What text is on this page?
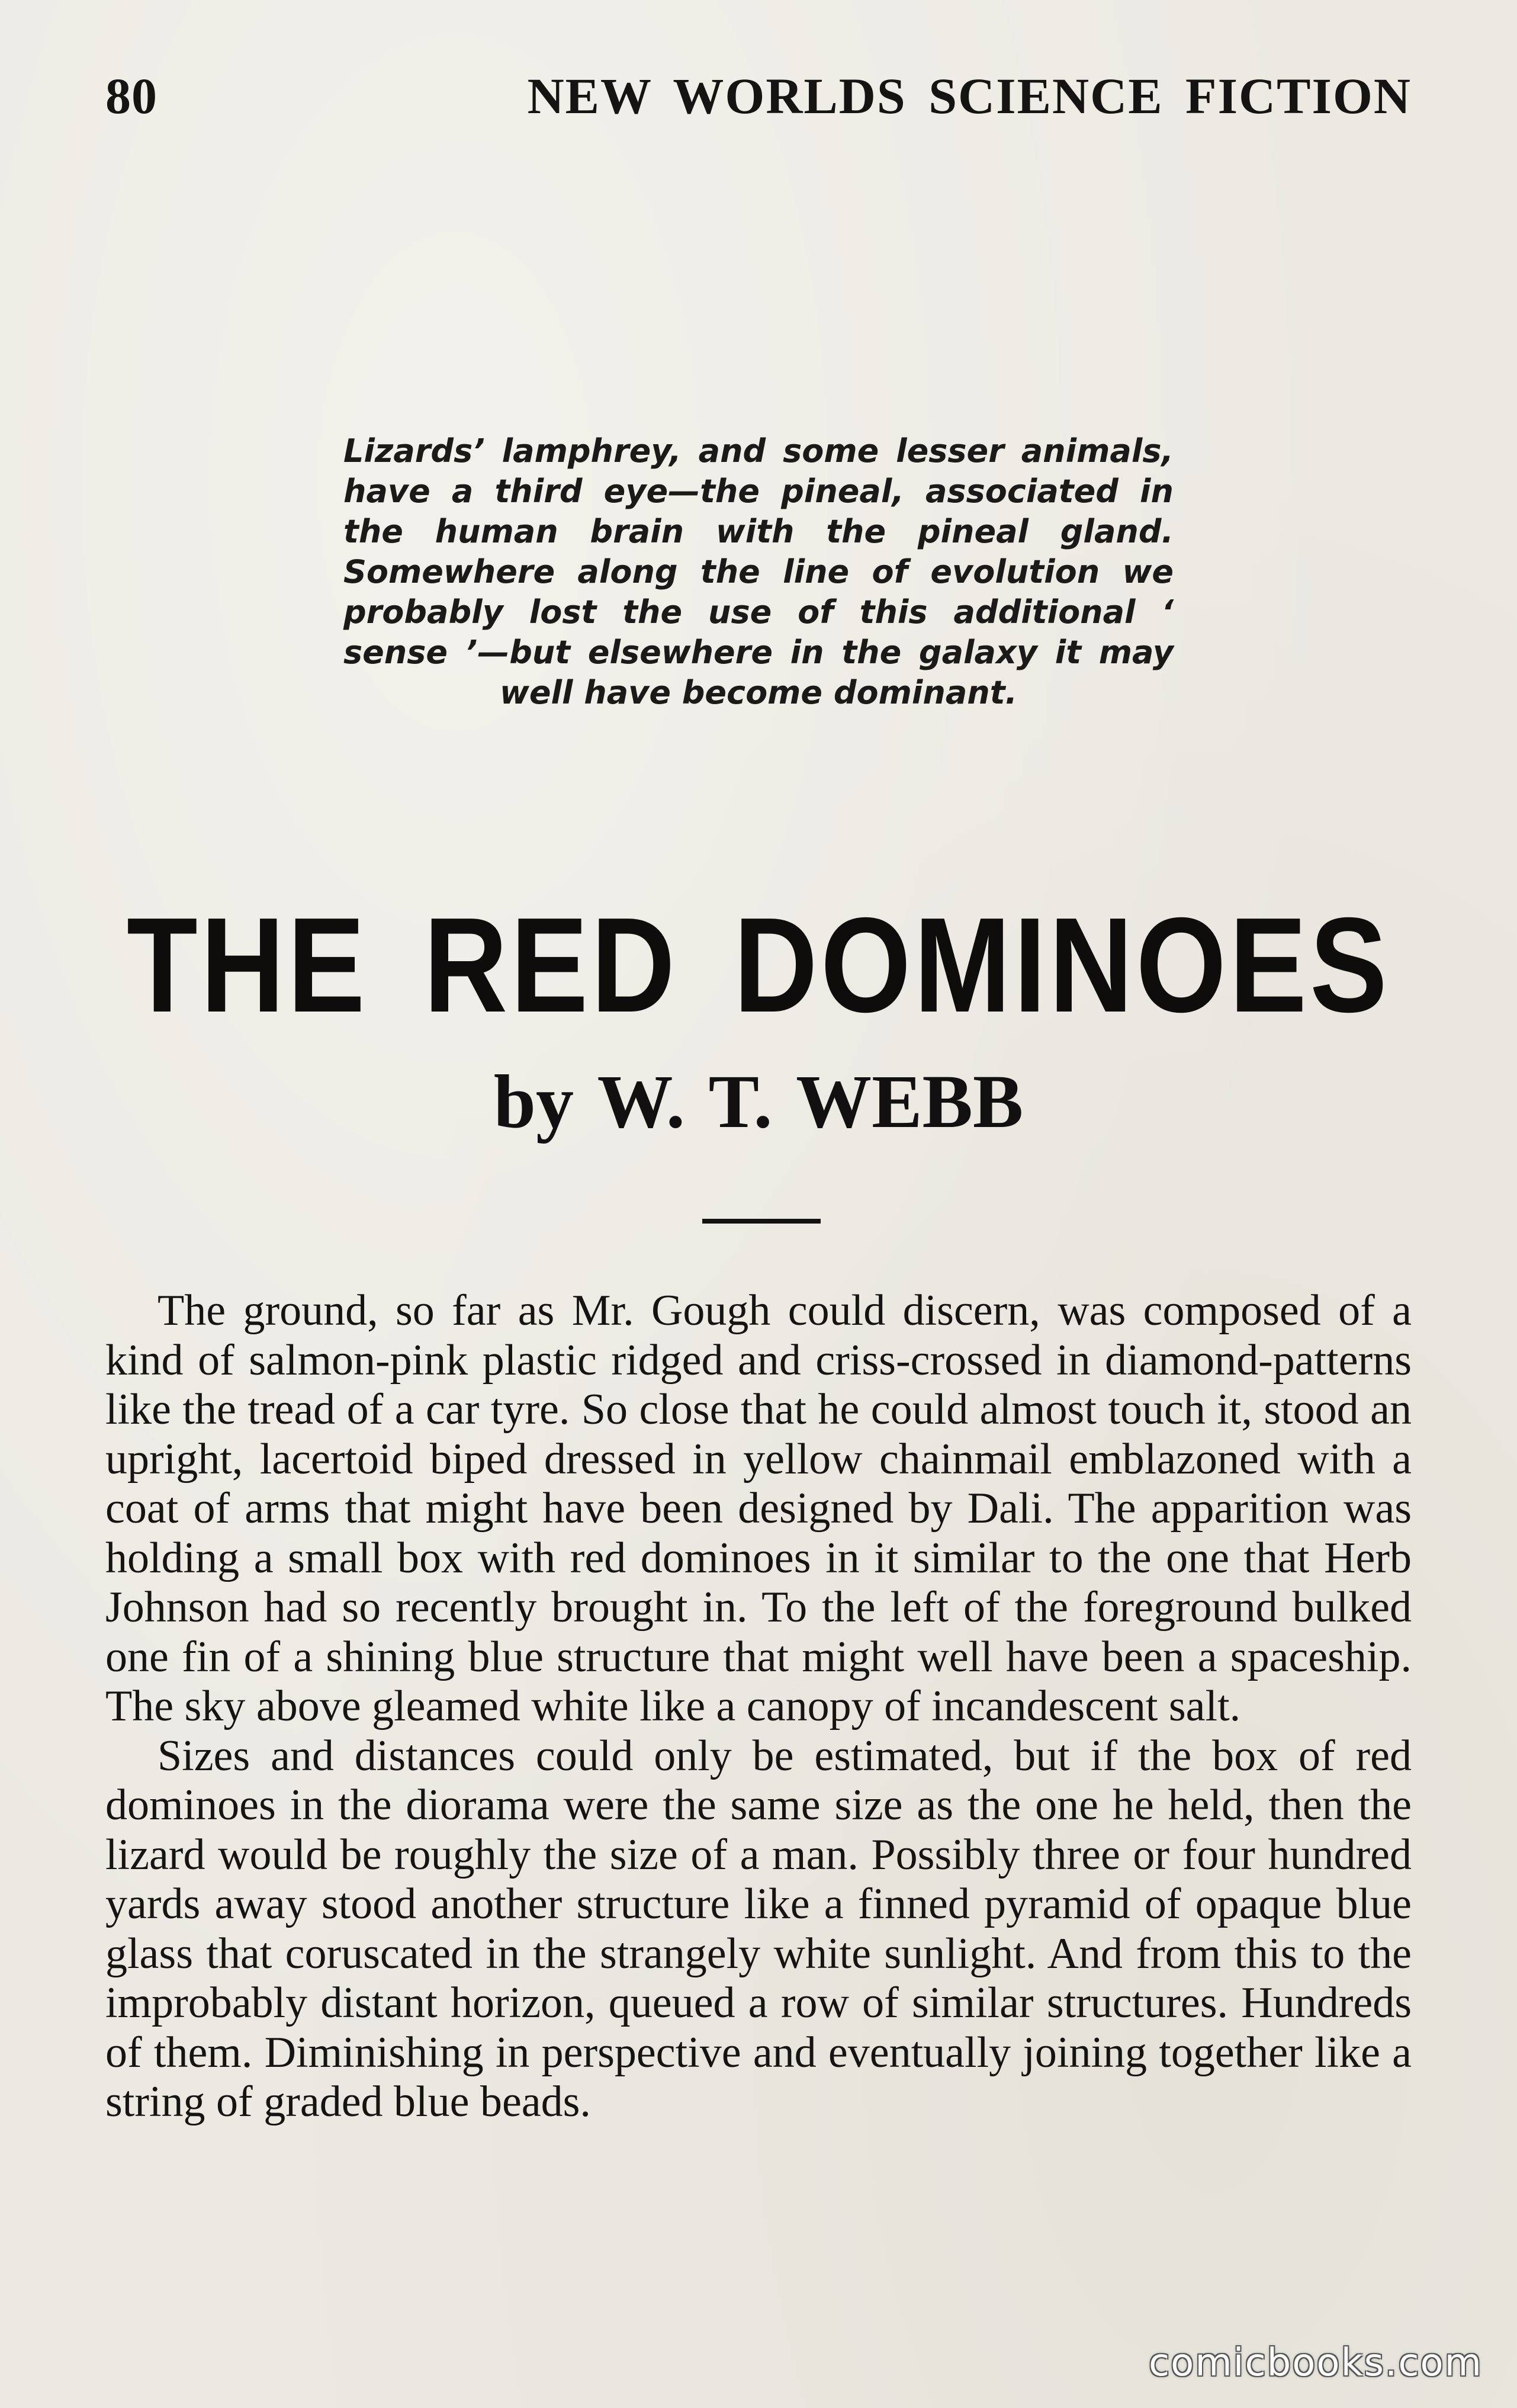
80	NEW WORLDS SCIENCE FICTION

Lizards’ lamphrey, and some lesser animals, have a third eye—the pineal, associated in the human brain with the pineal gland. Somewhere along the line of evolution we probably lost the use of this additional ‘ sense ’—but elsewhere in the galaxy it may well have become dominant.

THE RED DOMINOES
by W. T. WEBB

The ground, so far as Mr. Gough could discern, was composed of a kind of salmon-pink plastic ridged and criss-crossed in diamond-patterns like the tread of a car tyre. So close that he could almost touch it, stood an upright, lacertoid biped dressed in yellow chainmail emblazoned with a coat of arms that might have been designed by Dali. The apparition was holding a small box with red dominoes in it similar to the one that Herb Johnson had so recently brought in. To the left of the foreground bulked one fin of a shining blue structure that might well have been a spaceship. The sky above gleamed white like a canopy of incandescent salt.

Sizes and distances could only be estimated, but if the box of red dominoes in the diorama were the same size as the one he held, then the lizard would be roughly the size of a man. Possibly three or four hundred yards away stood another structure like a finned pyramid of opaque blue glass that coruscated in the strangely white sunlight. And from this to the improbably distant horizon, queued a row of similar structures. Hundreds of them. Diminishing in perspective and eventually joining together like a string of graded blue beads.

comicbooks.com
